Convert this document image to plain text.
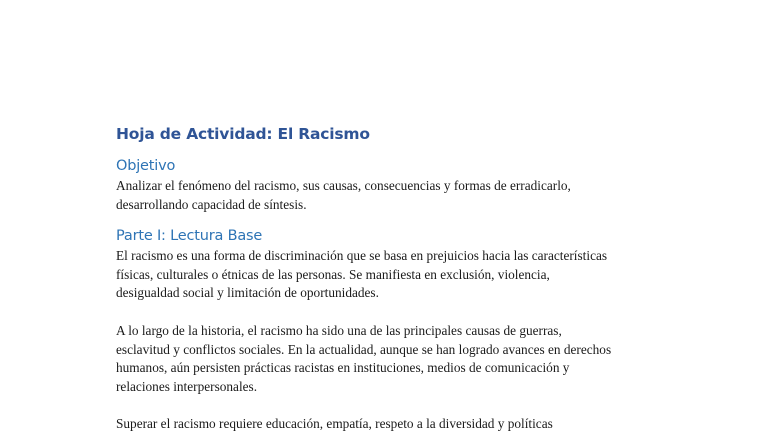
Hoja de Actividad: El Racismo
Objetivo

Analizar el fenómeno del racismo, sus causas, consecuencias y formas de erradicarlo,
desarrollando capacidad de síntesis.

Parte I: Lectura Base

El racismo es una forma de discriminación que se basa en prejuicios hacia las características
físicas, culturales o étnicas de las personas. Se manifiesta en exclusión, violencia,
desigualdad social y limitación de oportunidades.

A lo largo de la historia, el racismo ha sido una de las principales causas de guerras,
esclavitud y conflictos sociales. En la actualidad, aunque se han logrado avances en derechos
humanos, aún persisten prácticas racistas en instituciones, medios de comunicación y
relaciones interpersonales.

Superar el racismo requiere educación, empatía, respeto a la diversidad y políticas
